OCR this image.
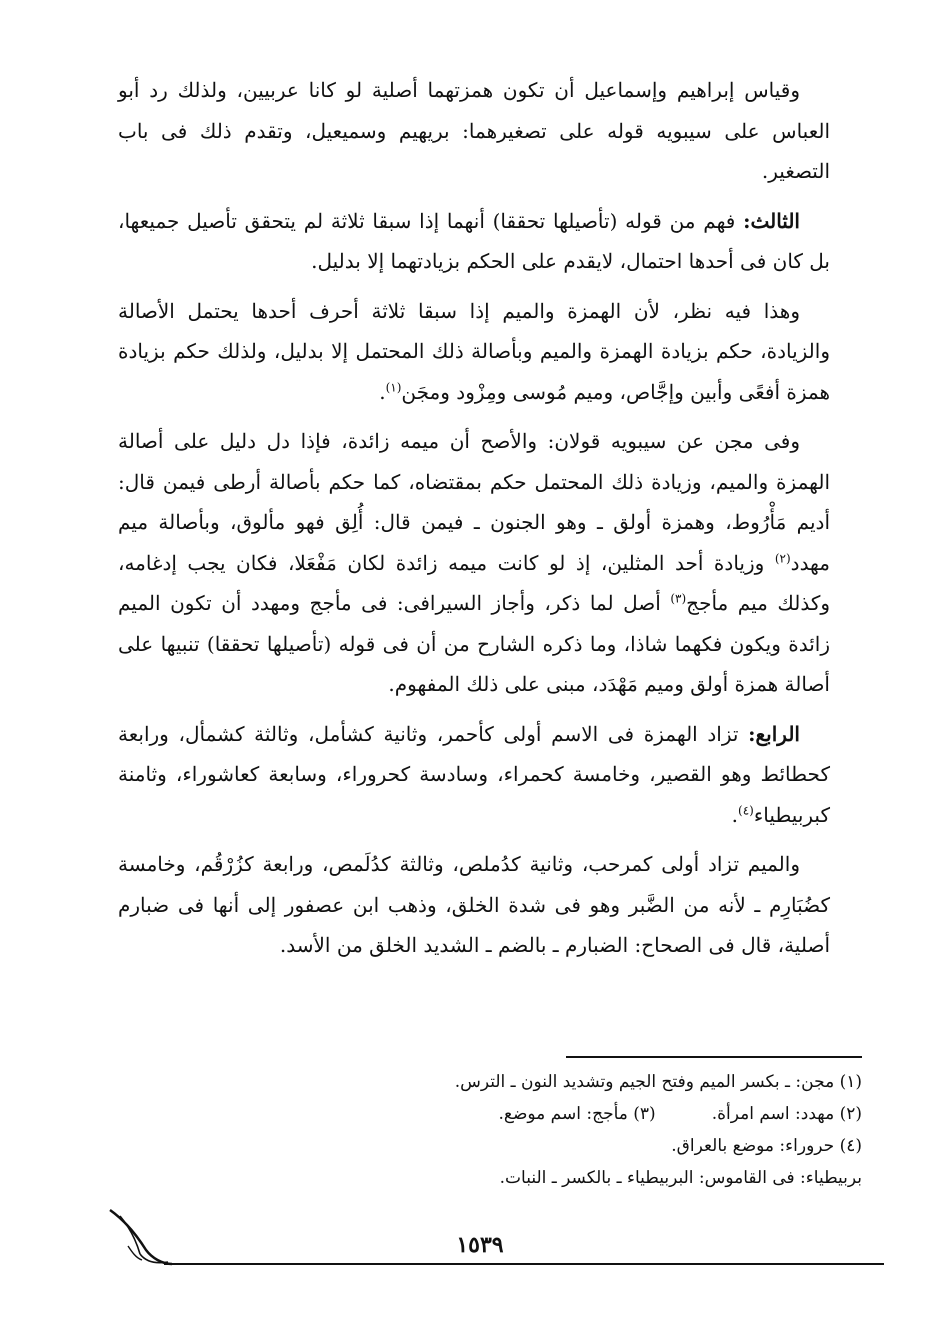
وقياس إبراهيم وإسماعيل أن تكون همزتهما أصلية لو كانا عربيين، ولذلك رد أبو العباس على سيبويه قوله على تصغيرهما: بريهيم وسميعيل، وتقدم ذلك فى باب التصغير.

الثالث: فهم من قوله (تأصيلها تحققا) أنهما إذا سبقا ثلاثة لم يتحقق تأصيل جميعها، بل كان فى أحدها احتمال، لايقدم على الحكم بزيادتهما إلا بدليل.

وهذا فيه نظر، لأن الهمزة والميم إذا سبقا ثلاثة أحرف أحدها يحتمل الأصالة والزيادة، حكم بزيادة الهمزة والميم وبأصالة ذلك المحتمل إلا بدليل، ولذلك حكم بزيادة همزة أفعًى وأبين وإجَّاص، وميم مُوسى ومِزْود ومجَن$^{(١)}$.

وفى مجن عن سيبويه قولان: والأصح أن ميمه زائدة، فإذا دل دليل على أصالة الهمزة والميم، وزيادة ذلك المحتمل حكم بمقتضاه، كما حكم بأصالة أرطى فيمن قال: أديم مَأْرُوط، وهمزة أولق ـ وهو الجنون ـ فيمن قال: أُلِق فهو مألوق، وبأصالة ميم مهدد$^{(٢)}$ وزيادة أحد المثلين، إذ لو كانت ميمه زائدة لكان مَفْعَلا، فكان يجب إدغامه، وكذلك ميم مأجج$^{(٣)}$ أصل لما ذكر، وأجاز السيرافى: فى مأجج ومهدد أن تكون الميم زائدة ويكون فكهما شاذا، وما ذكره الشارح من أن فى قوله (تأصيلها تحققا) تنبيها على أصالة همزة أولق وميم مَهْدَد، مبنى على ذلك المفهوم.

الرابع: تزاد الهمزة فى الاسم أولى كأحمر، وثانية كشأمل، وثالثة كشمأل، ورابعة كحطائط وهو القصير، وخامسة كحمراء، وسادسة كحروراء، وسابعة كعاشوراء، وثامنة كبربيطياء$^{(٤)}$.

والميم تزاد أولى كمرحب، وثانية كدُملص، وثالثة كدُلَمص، ورابعة كزُرْقُم، وخامسة كضُبَارِم ـ لأنه من الضَّبر وهو فى شدة الخلق، وذهب ابن عصفور إلى أنها فى ضبارم أصلية، قال فى الصحاح: الضبارم ـ بالضم ـ الشديد الخلق من الأسد.

(١) مجن: ـ بكسر الميم وفتح الجيم وتشديد النون ـ الترس.
(٢) مهدد: اسم امرأة.(٣) مأجج: اسم موضع.
(٤) حروراء: موضع بالعراق.
بربيطياء: فى القاموس: البربيطياء ـ بالكسر ـ النبات.
١٥٣٩
